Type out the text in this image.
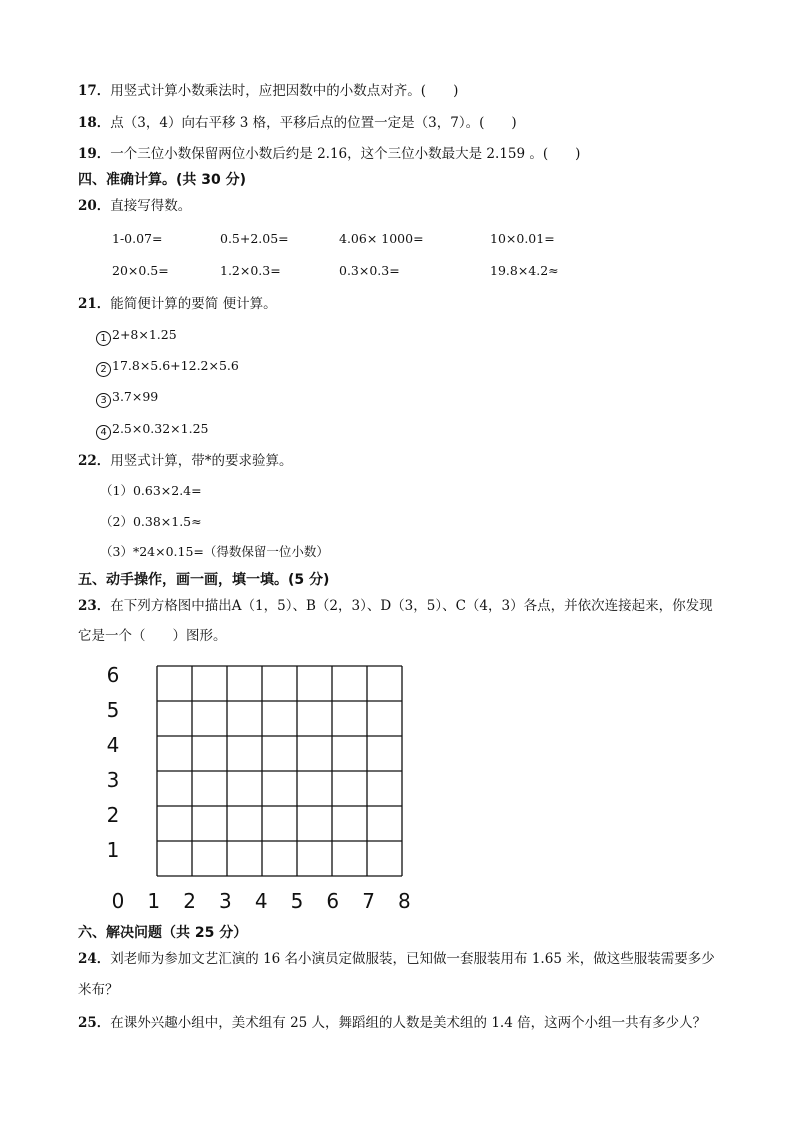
17．用竖式计算小数乘法时，应把因数中的小数点对齐。(　　)
18．点（3，4）向右平移 3 格，平移后点的位置一定是（3，7）。(　　)
19．一个三位小数保留两位小数后约是 2.16，这个三位小数最大是 2.159 。(　　)
四、准确计算。(共 30 分)
20．直接写得数。
1-0.07=	0.5+2.05=	4.06× 1000=	10×0.01=
20×0.5=	1.2×0.3=	0.3×0.3=	19.8×4.2≈
21．能简便计算的要简 便计算。
1 2+8×1.25
2 17.8×5.6+12.2×5.6
3 3.7×99
4 2.5×0.32×1.25
22．用竖式计算，带*的要求验算。
（1）0.63×2.4=
（2）0.38×1.5≈
（3）*24×0.15=（得数保留一位小数）
五、动手操作，画一画，填一填。(5 分)
23．在下列方格图中描出A（1，5）、B（2，3）、D（3，5）、C（4，3）各点，并依次连接起来，你发现
它是一个（　　）图形。
0 1 2 3 4 5 6 7 8
1
2
3
4
5
6
六、解决问题（共 25 分）
24．刘老师为参加文艺汇演的 16 名小演员定做服装，已知做一套服装用布 1.65 米，做这些服装需要多少
米布？
25．在课外兴趣小组中，美术组有 25 人，舞蹈组的人数是美术组的 1.4 倍，这两个小组一共有多少人？
